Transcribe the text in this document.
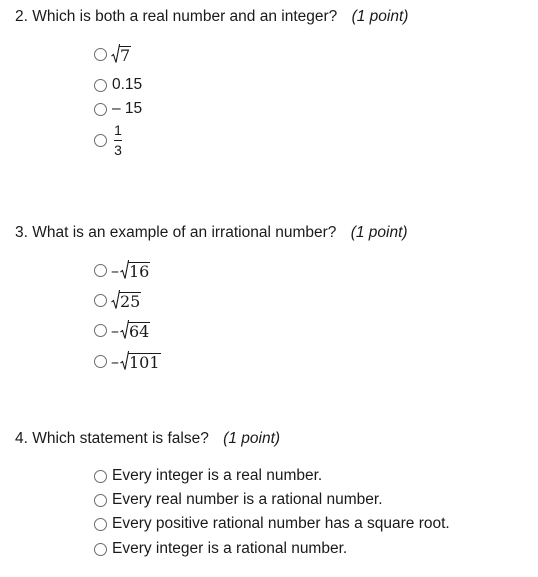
2. Which is both a real number and an integer? (1 point)
7
0.15
– 15
$\frac{1}{3}$
3. What is an example of an irrational number? (1 point)
– 16
25
– 64
– 101
4. Which statement is false? (1 point)
Every integer is a real number.
Every real number is a rational number.
Every positive rational number has a square root.
Every integer is a rational number.
